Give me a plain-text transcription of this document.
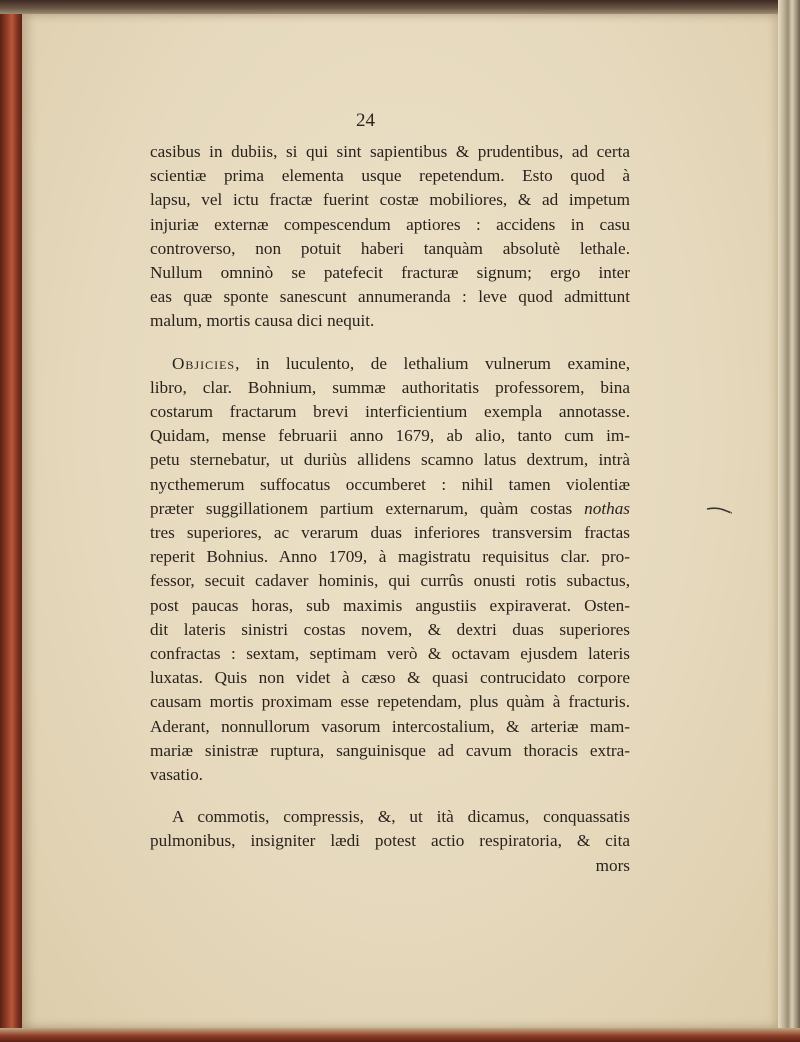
24

casibus in dubiis, si qui sint sapientibus & prudentibus, ad certa
scientiæ prima elementa usque repetendum. Esto quod à
lapsu, vel ictu fractæ fuerint costæ mobiliores, & ad impetum
injuriæ externæ compescendum aptiores : accidens in casu
controverso, non potuit haberi tanquàm absolutè lethale.
Nullum omninò se patefecit fracturæ signum; ergo inter
eas quæ sponte sanescunt annumeranda : leve quod admittunt
malum, mortis causa dici nequit.

Objicies, in luculento, de lethalium vulnerum examine,
libro, clar. Bohnium, summæ authoritatis professorem, bina
costarum fractarum brevi interficientium exempla annotasse.
Quidam, mense februarii anno 1679, ab alio, tanto cum im-
petu sternebatur, ut duriùs allidens scamno latus dextrum, intrà
nycthemerum suffocatus occumberet : nihil tamen violentiæ
præter suggillationem partium externarum, quàm costas nothas
tres superiores, ac verarum duas inferiores transversim fractas
reperit Bohnius. Anno 1709, à magistratu requisitus clar. pro-
fessor, secuit cadaver hominis, qui currûs onusti rotis subactus,
post paucas horas, sub maximis angustiis expiraverat. Osten-
dit lateris sinistri costas novem, & dextri duas superiores
confractas : sextam, septimam verò & octavam ejusdem lateris
luxatas. Quis non videt à cæso & quasi contrucidato corpore
causam mortis proximam esse repetendam, plus quàm à fracturis.
Aderant, nonnullorum vasorum intercostalium, & arteriæ mam-
mariæ sinistræ ruptura, sanguinisque ad cavum thoracis extra-
vasatio.

A commotis, compressis, &, ut ità dicamus, conquassatis
pulmonibus, insigniter lædi potest actio respiratoria, & cita
mors
